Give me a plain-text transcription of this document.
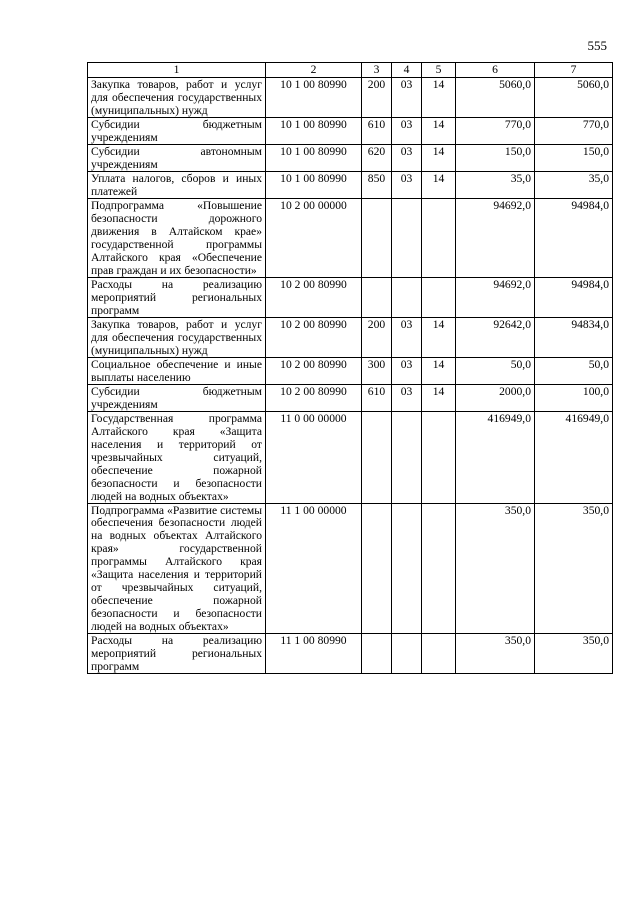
555
1	2	3	4	5	6	7
Закупка товаров, работ и услуг для обеспечения государственных (муниципальных) нужд	10 1 00 80990	200	03	14	5060,0	5060,0
Субсидии бюджетным учреждениям	10 1 00 80990	610	03	14	770,0	770,0
Субсидии автономным учреждениям	10 1 00 80990	620	03	14	150,0	150,0
Уплата налогов, сборов и иных платежей	10 1 00 80990	850	03	14	35,0	35,0
Подпрограмма «Повышение безопасности дорожного движения в Алтайском крае» государственной программы Алтайского края «Обеспечение прав граждан и их безопасности»	10 2 00 00000				94692,0	94984,0
Расходы на реализацию мероприятий региональных программ	10 2 00 80990				94692,0	94984,0
Закупка товаров, работ и услуг для обеспечения государственных (муниципальных) нужд	10 2 00 80990	200	03	14	92642,0	94834,0
Социальное обеспечение и иные выплаты населению	10 2 00 80990	300	03	14	50,0	50,0
Субсидии бюджетным учреждениям	10 2 00 80990	610	03	14	2000,0	100,0
Государственная программа Алтайского края «Защита населения и территорий от чрезвычайных ситуаций, обеспечение пожарной безопасности и безопасности людей на водных объектах»	11 0 00 00000				416949,0	416949,0
Подпрограмма «Развитие системы обеспечения безопасности людей на водных объектах Алтайского края» государственной программы Алтайского края «Защита населения и территорий от чрезвычайных ситуаций, обеспечение пожарной безопасности и безопасности людей на водных объектах»	11 1 00 00000				350,0	350,0
Расходы на реализацию мероприятий региональных программ	11 1 00 80990				350,0	350,0
